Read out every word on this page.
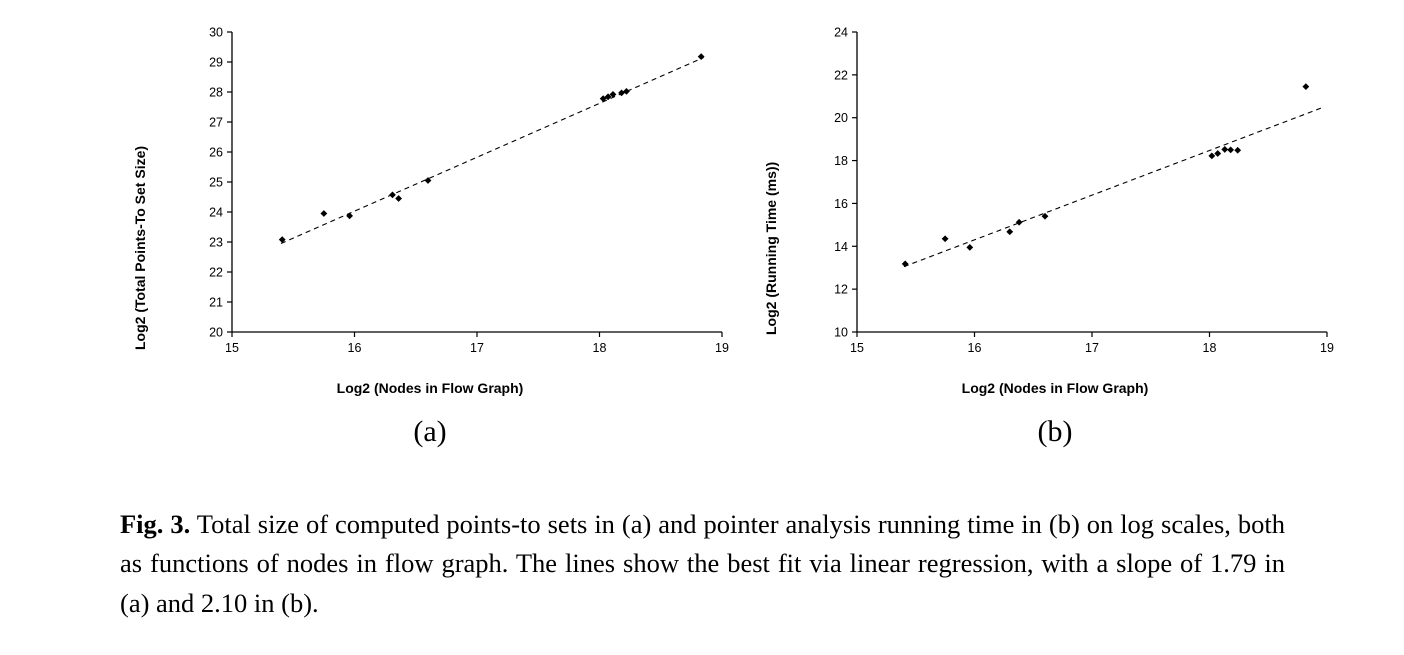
Log2 (Total Points-To Set Size)	20
21
22
23
24
25
26
27
28
29
30
15	16	17	18	19
Log2 (Nodes in Flow Graph)
(a)
Log2 (Running Time (ms))	10
12
14
16
18
20
22
24
15	16	17	18	19
Log2 (Nodes in Flow Graph)
(b)
Fig. 3. Total size of computed points-to sets in (a) and pointer analysis running time in (b) on log scales, both as functions of nodes in flow graph. The lines show the best fit via linear regression, with a slope of 1.79 in (a) and 2.10 in (b).
